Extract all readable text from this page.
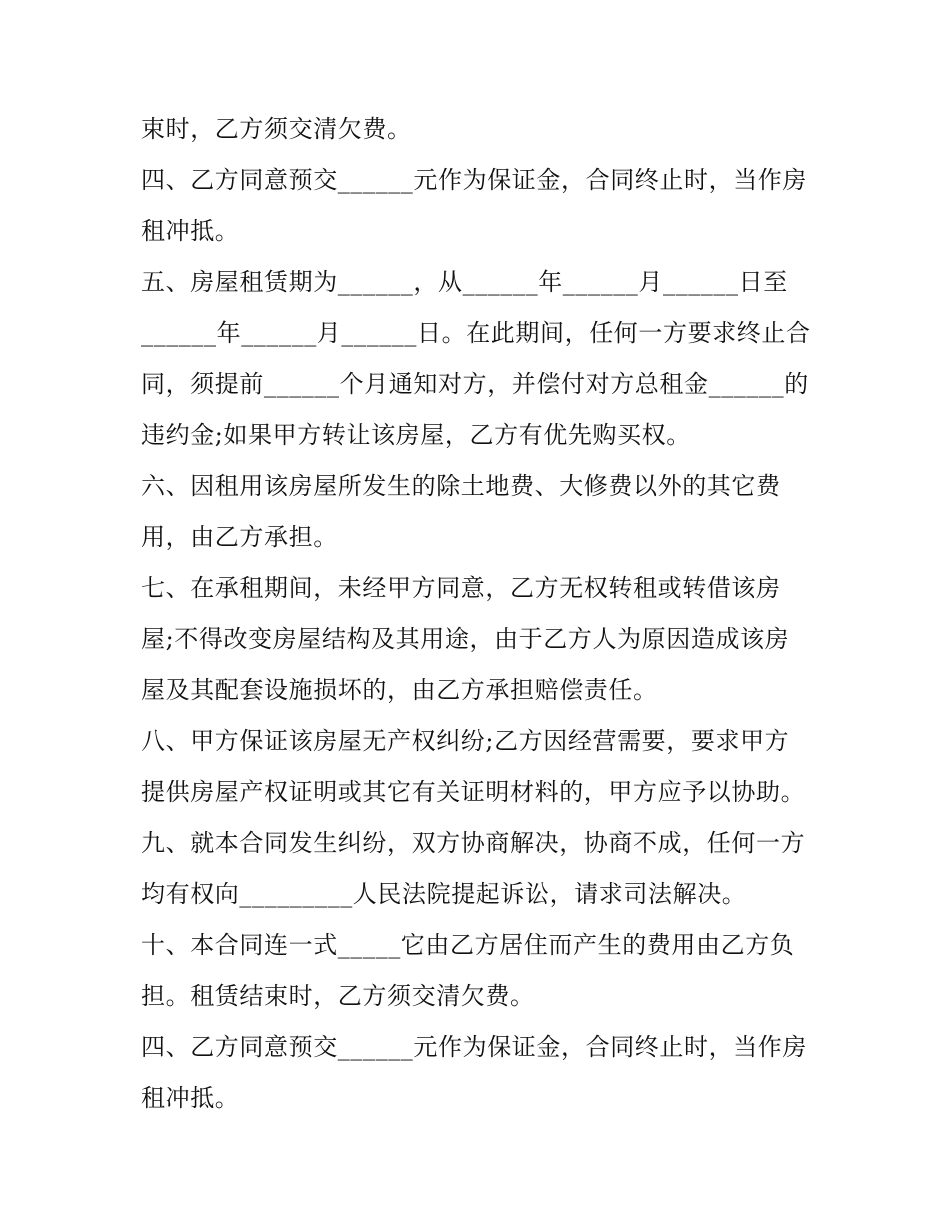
束时，乙方须交清欠费。
四、乙方同意预交______元作为保证金，合同终止时，当作房
租冲抵。
五、房屋租赁期为______，从______年______月______日至
______年______月______日。在此期间，任何一方要求终止合
同，须提前______个月通知对方，并偿付对方总租金______的
违约金;如果甲方转让该房屋，乙方有优先购买权。
六、因租用该房屋所发生的除土地费、大修费以外的其它费
用，由乙方承担。
七、在承租期间，未经甲方同意，乙方无权转租或转借该房
屋;不得改变房屋结构及其用途，由于乙方人为原因造成该房
屋及其配套设施损坏的，由乙方承担赔偿责任。
八、甲方保证该房屋无产权纠纷;乙方因经营需要，要求甲方
提供房屋产权证明或其它有关证明材料的，甲方应予以协助。
九、就本合同发生纠纷，双方协商解决，协商不成，任何一方
均有权向_________人民法院提起诉讼，请求司法解决。
十、本合同连一式_____它由乙方居住而产生的费用由乙方负
担。租赁结束时，乙方须交清欠费。
四、乙方同意预交______元作为保证金，合同终止时，当作房
租冲抵。
